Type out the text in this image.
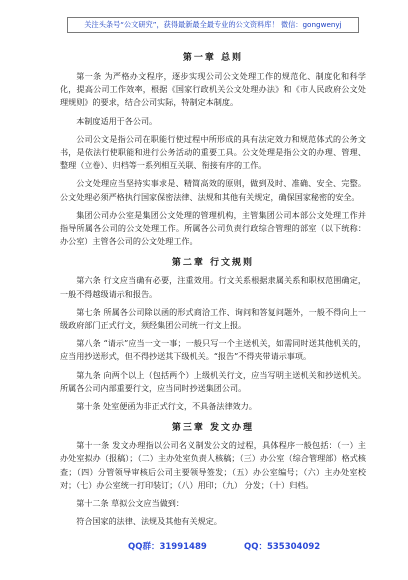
关注头条号“公文研究”，获得最新最全最专业的公文资料库！ 微信：gongwenyj
第一章 总则

第一条 为严格办文程序，逐步实现公司公文处理工作的规范化、制度化和科学化，提高公司工作效率，根据《国家行政机关公文处理办法》和《市人民政府公文处理规则》的要求，结合公司实际，特制定本制度。

本制度适用于各公司。

公司公文是指公司在职能行使过程中所形成的具有法定效力和规范体式的公务文书，是依法行使职能和进行公务活动的重要工具。公文处理是指公文的办理、管理、整理（立卷）、归档等一系列相互关联、衔接有序的工作。

公文处理应当坚持实事求是、精简高效的原则，做到及时、准确、安全、完整。公文处理必须严格执行国家保密法律、法规和其他有关规定，确保国家秘密的安全。

集团公司办公室是集团公文处理的管理机构，主管集团公司本部公文处理工作并指导所属各公司的公文处理工作。所属各公司负责行政综合管理的部室（以下统称：办公室）主管各公司的公文处理工作。

第二章 行文规则

第六条 行文应当确有必要，注重效用。行文关系根据隶属关系和职权范围确定，一般不得越级请示和报告。

第七条 所属各公司除以函的形式商洽工作、询问和答复问题外，一般不得向上一级政府部门正式行文，须经集团公司统一行文上报。

第八条 “请示”应当一文一事；一般只写一个主送机关，如需同时送其他机关的，应当用抄送形式，但不得抄送其下级机关。“报告”不得夹带请示事项。

第九条 向两个以上（包括两个）上级机关行文，应当写明主送机关和抄送机关。所属各公司内部重要行文，应当同时抄送集团公司。

第十条 处室便函为非正式行文，不具备法律效力。

第三章 发文办理

第十一条 发文办理指以公司名义制发公文的过程，具体程序一般包括：（一）主办处室拟办（报稿）；（二）主办处室负责人核稿；（三）办公室（综合管理部）格式核查；（四）分管领导审核后公司主要领导签发；（五）办公室编号；（六）主办处室校对；（七）办公室统一打印装订；（八）用印；（九） 分发；（十）归档。

第十二条 草拟公文应当做到：

符合国家的法律、法规及其他有关规定。

QQ群：31991489	QQ：535304092
